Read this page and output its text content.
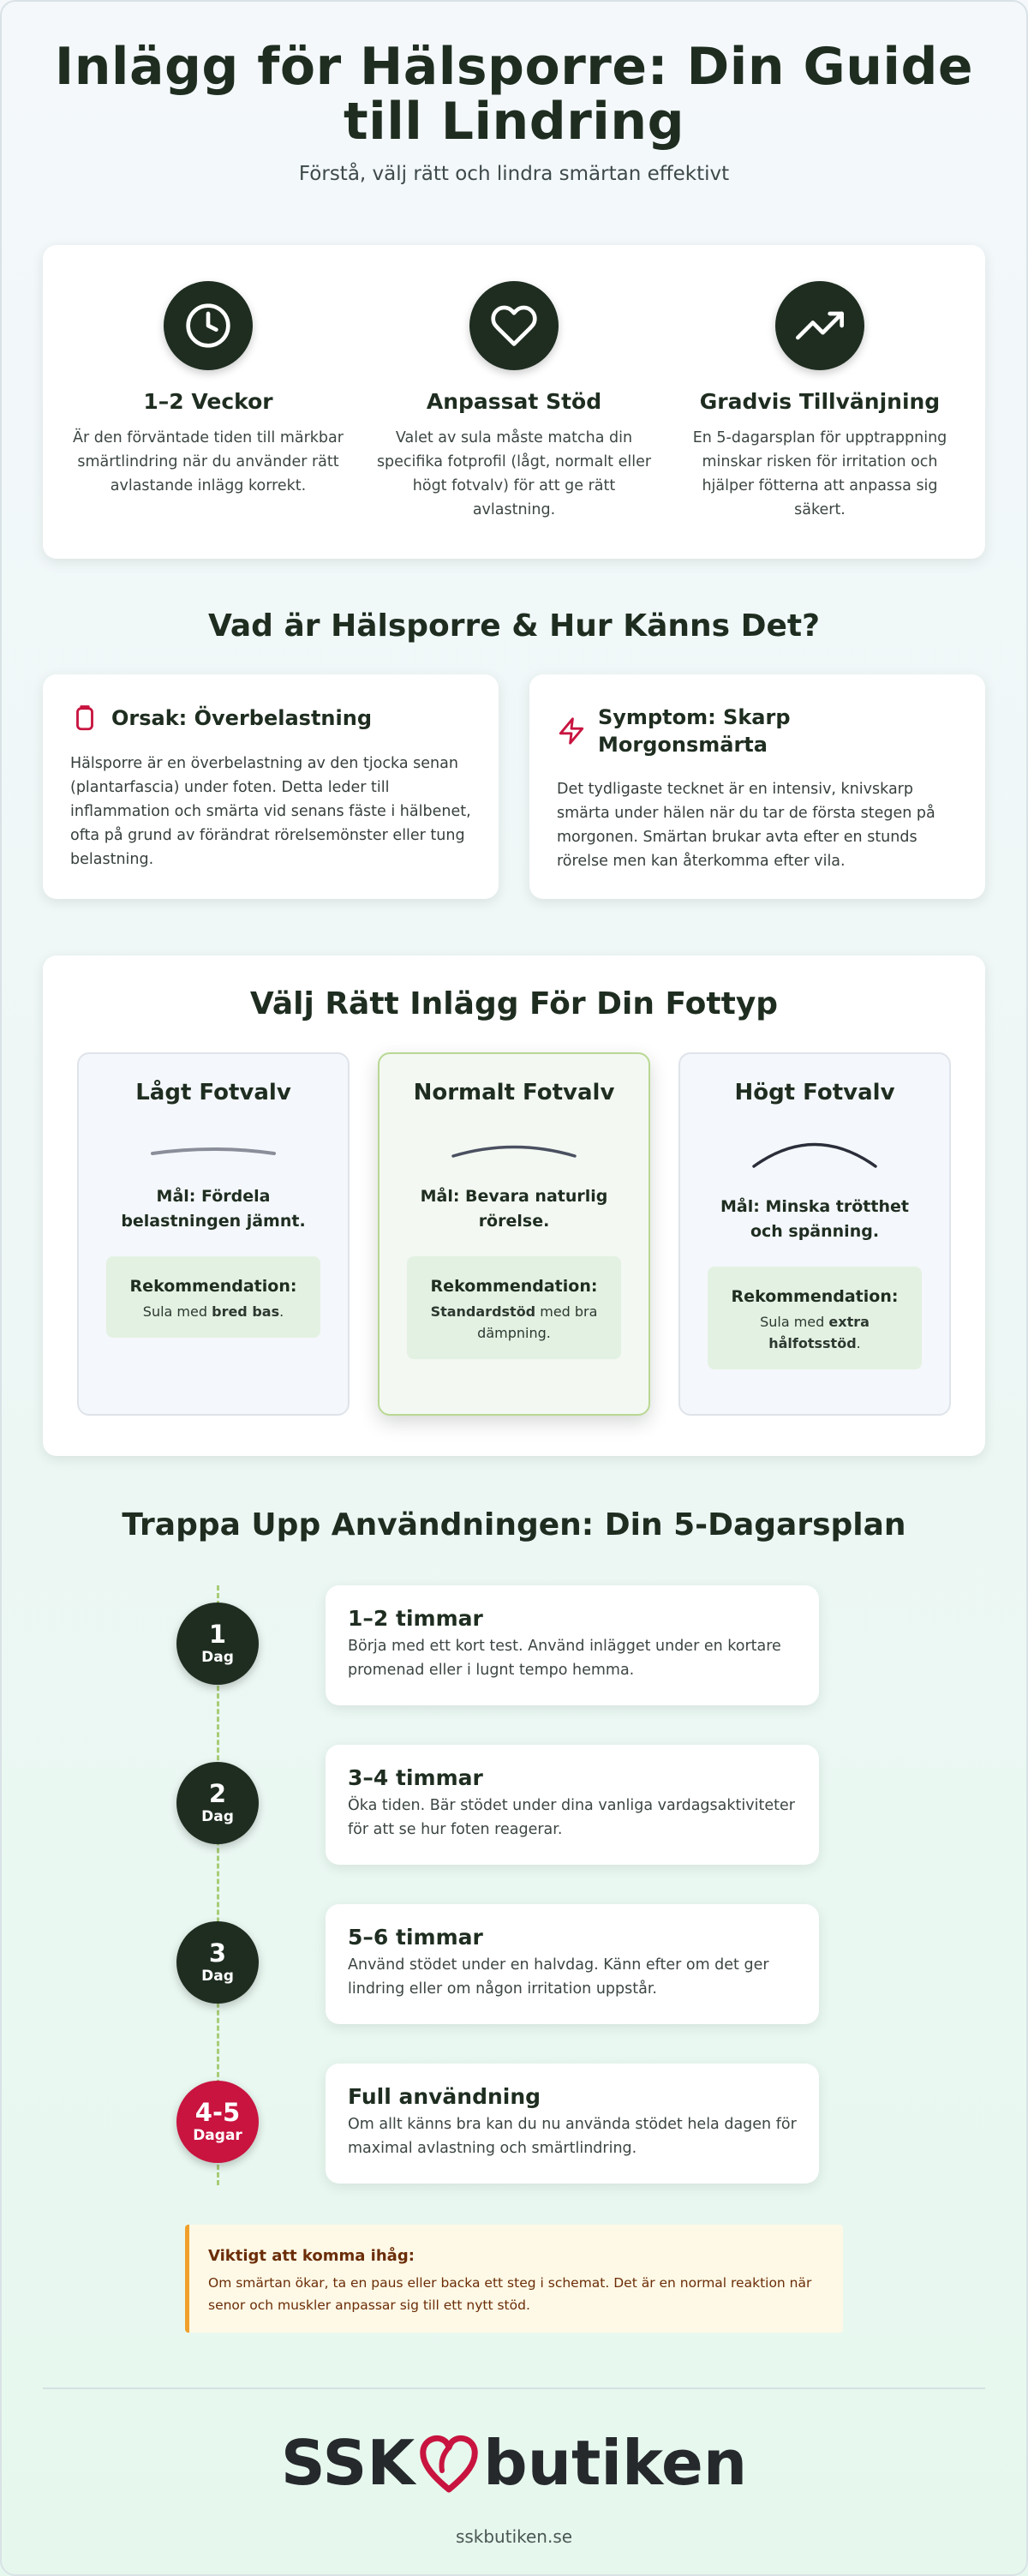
Inlägg för Hälsporre: Din Guide till Lindring

Förstå, välj rätt och lindra smärtan effektivt

1–2 Veckor
Är den förväntade tiden till märkbar smärtlindring när du använder rätt avlastande inlägg korrekt.
Anpassat Stöd
Valet av sula måste matcha din specifika fotprofil (lågt, normalt eller högt fotvalv) för att ge rätt avlastning.
Gradvis Tillvänjning
En 5-dagarsplan för upptrappning minskar risken för irritation och hjälper fötterna att anpassa sig säkert.
Vad är Hälsporre & Hur Känns Det?
Orsak: Överbelastning
Hälsporre är en överbelastning av den tjocka senan (plantarfascia) under foten. Detta leder till inflammation och smärta vid senans fäste i hälbenet, ofta på grund av förändrat rörelsemönster eller tung belastning.
Symptom: Skarp Morgonsmärta
Det tydligaste tecknet är en intensiv, knivskarp smärta under hälen när du tar de första stegen på morgonen. Smärtan brukar avta efter en stunds rörelse men kan återkomma efter vila.
Välj Rätt Inlägg För Din Fottyp
Lågt Fotvalv
Mål: Fördela belastningen jämnt.
Rekommendation:
Sula med bred bas.
Normalt Fotvalv
Mål: Bevara naturlig rörelse.
Rekommendation:
Standardstöd med bra dämpning.
Högt Fotvalv
Mål: Minska trötthet och spänning.
Rekommendation:
Sula med extra hålfotsstöd.
Trappa Upp Användningen: Din 5-Dagarsplan
1
Dag
1–2 timmar
Börja med ett kort test. Använd inlägget under en kortare promenad eller i lugnt tempo hemma.
2
Dag
3–4 timmar
Öka tiden. Bär stödet under dina vanliga vardagsaktiviteter för att se hur foten reagerar.
3
Dag
5–6 timmar
Använd stödet under en halvdag. Känn efter om det ger lindring eller om någon irritation uppstår.
4-5
Dagar
Full användning
Om allt känns bra kan du nu använda stödet hela dagen för maximal avlastning och smärtlindring.
Viktigt att komma ihåg:
Om smärtan ökar, ta en paus eller backa ett steg i schemat. Det är en normal reaktion när senor och muskler anpassar sig till ett nytt stöd.
SSK butiken
sskbutiken.se
